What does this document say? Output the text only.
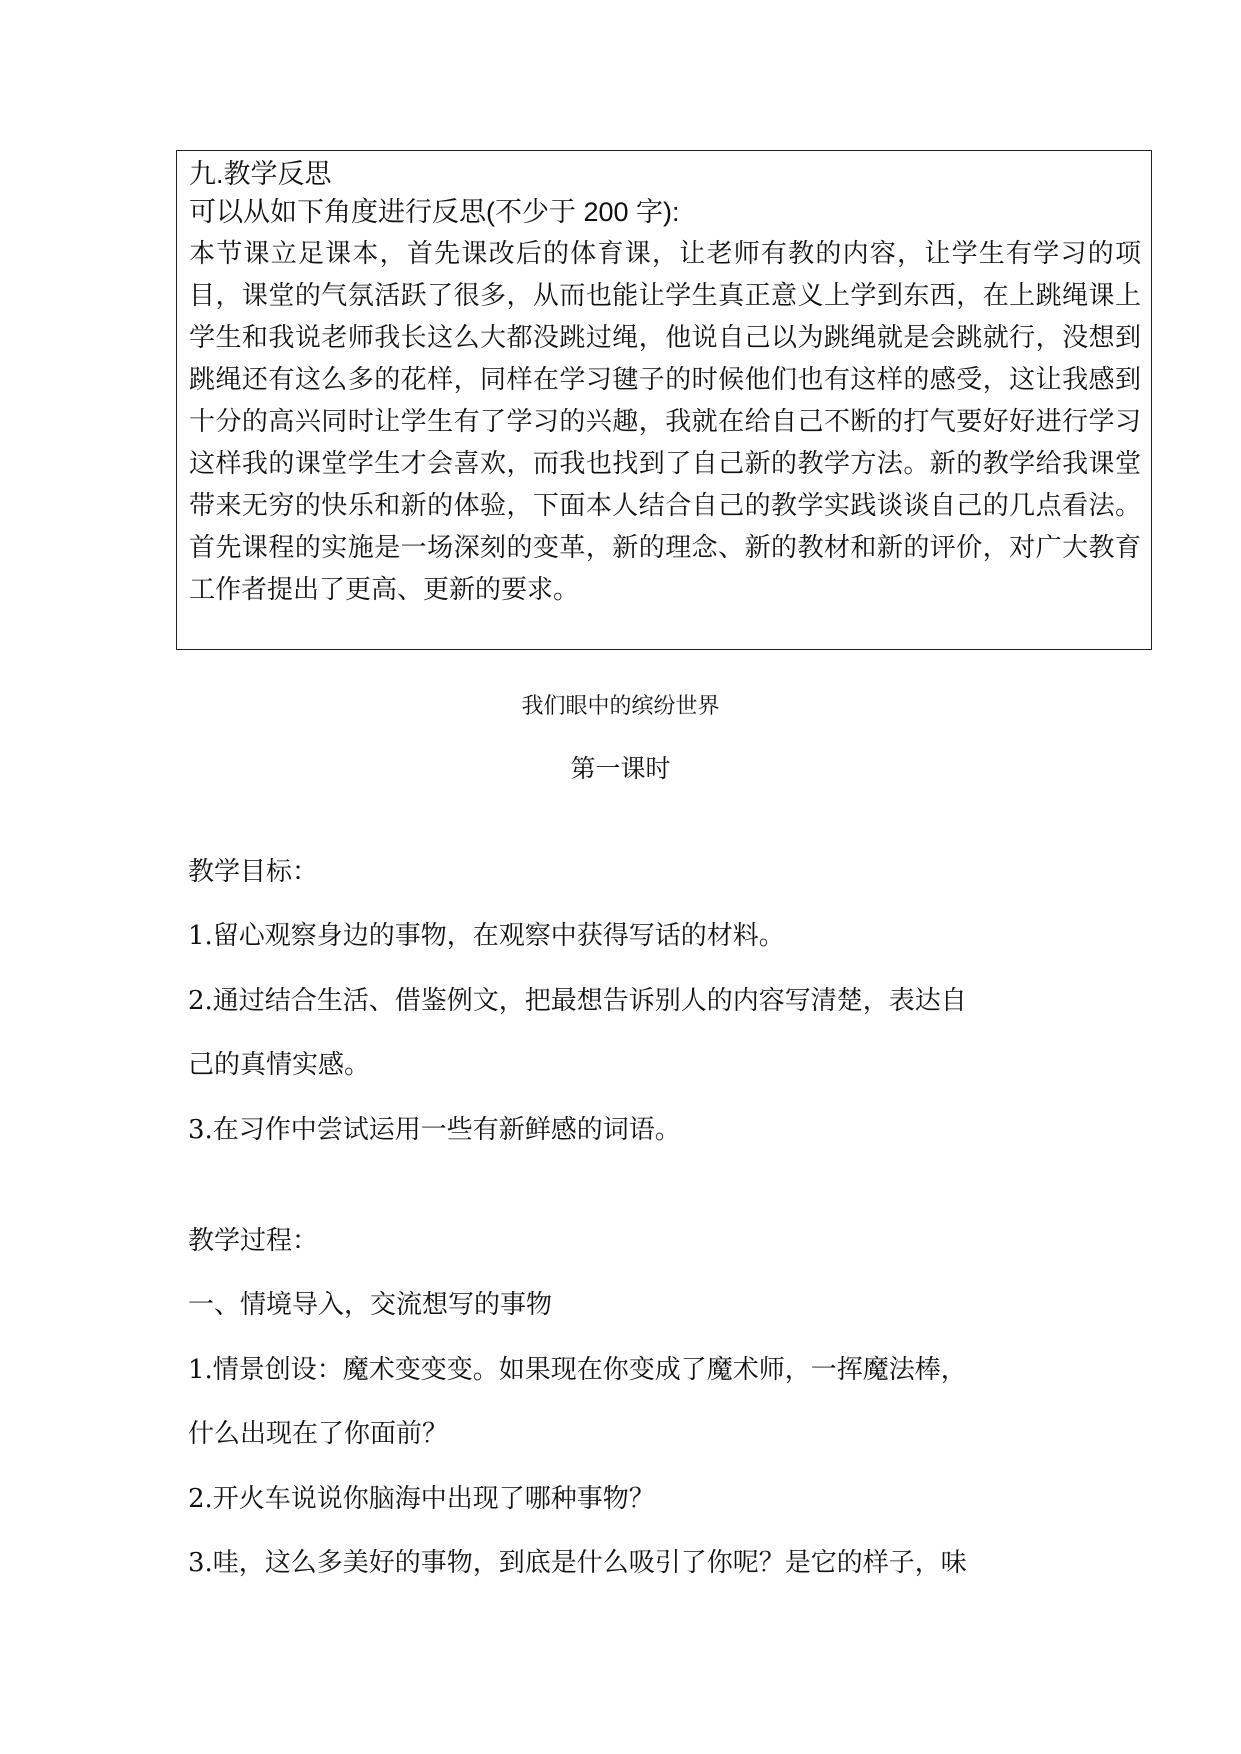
九.教学反思
可以从如下角度进行反思(不少于 200 字):
本节课立足课本，首先课改后的体育课，让老师有教的内容，让学生有学习的项目，课堂的气氛活跃了很多，从而也能让学生真正意义上学到东西，在上跳绳课上学生和我说老师我长这么大都没跳过绳，他说自己以为跳绳就是会跳就行，没想到跳绳还有这么多的花样，同样在学习毽子的时候他们也有这样的感受，这让我感到十分的高兴同时让学生有了学习的兴趣，我就在给自己不断的打气要好好进行学习这样我的课堂学生才会喜欢，而我也找到了自己新的教学方法。新的教学给我课堂带来无穷的快乐和新的体验，下面本人结合自己的教学实践谈谈自己的几点看法。首先课程的实施是一场深刻的变革，新的理念、新的教材和新的评价，对广大教育工作者提出了更高、更新的要求。
我们眼中的缤纷世界
第一课时
教学目标：
1.留心观察身边的事物，在观察中获得写话的材料。
2.通过结合生活、借鉴例文，把最想告诉别人的内容写清楚，表达自
己的真情实感。
3.在习作中尝试运用一些有新鲜感的词语。
教学过程：
一、情境导入，交流想写的事物
1.情景创设：魔术变变变。如果现在你变成了魔术师，一挥魔法棒，
什么出现在了你面前？
2.开火车说说你脑海中出现了哪种事物？
3.哇，这么多美好的事物，到底是什么吸引了你呢？是它的样子，味
